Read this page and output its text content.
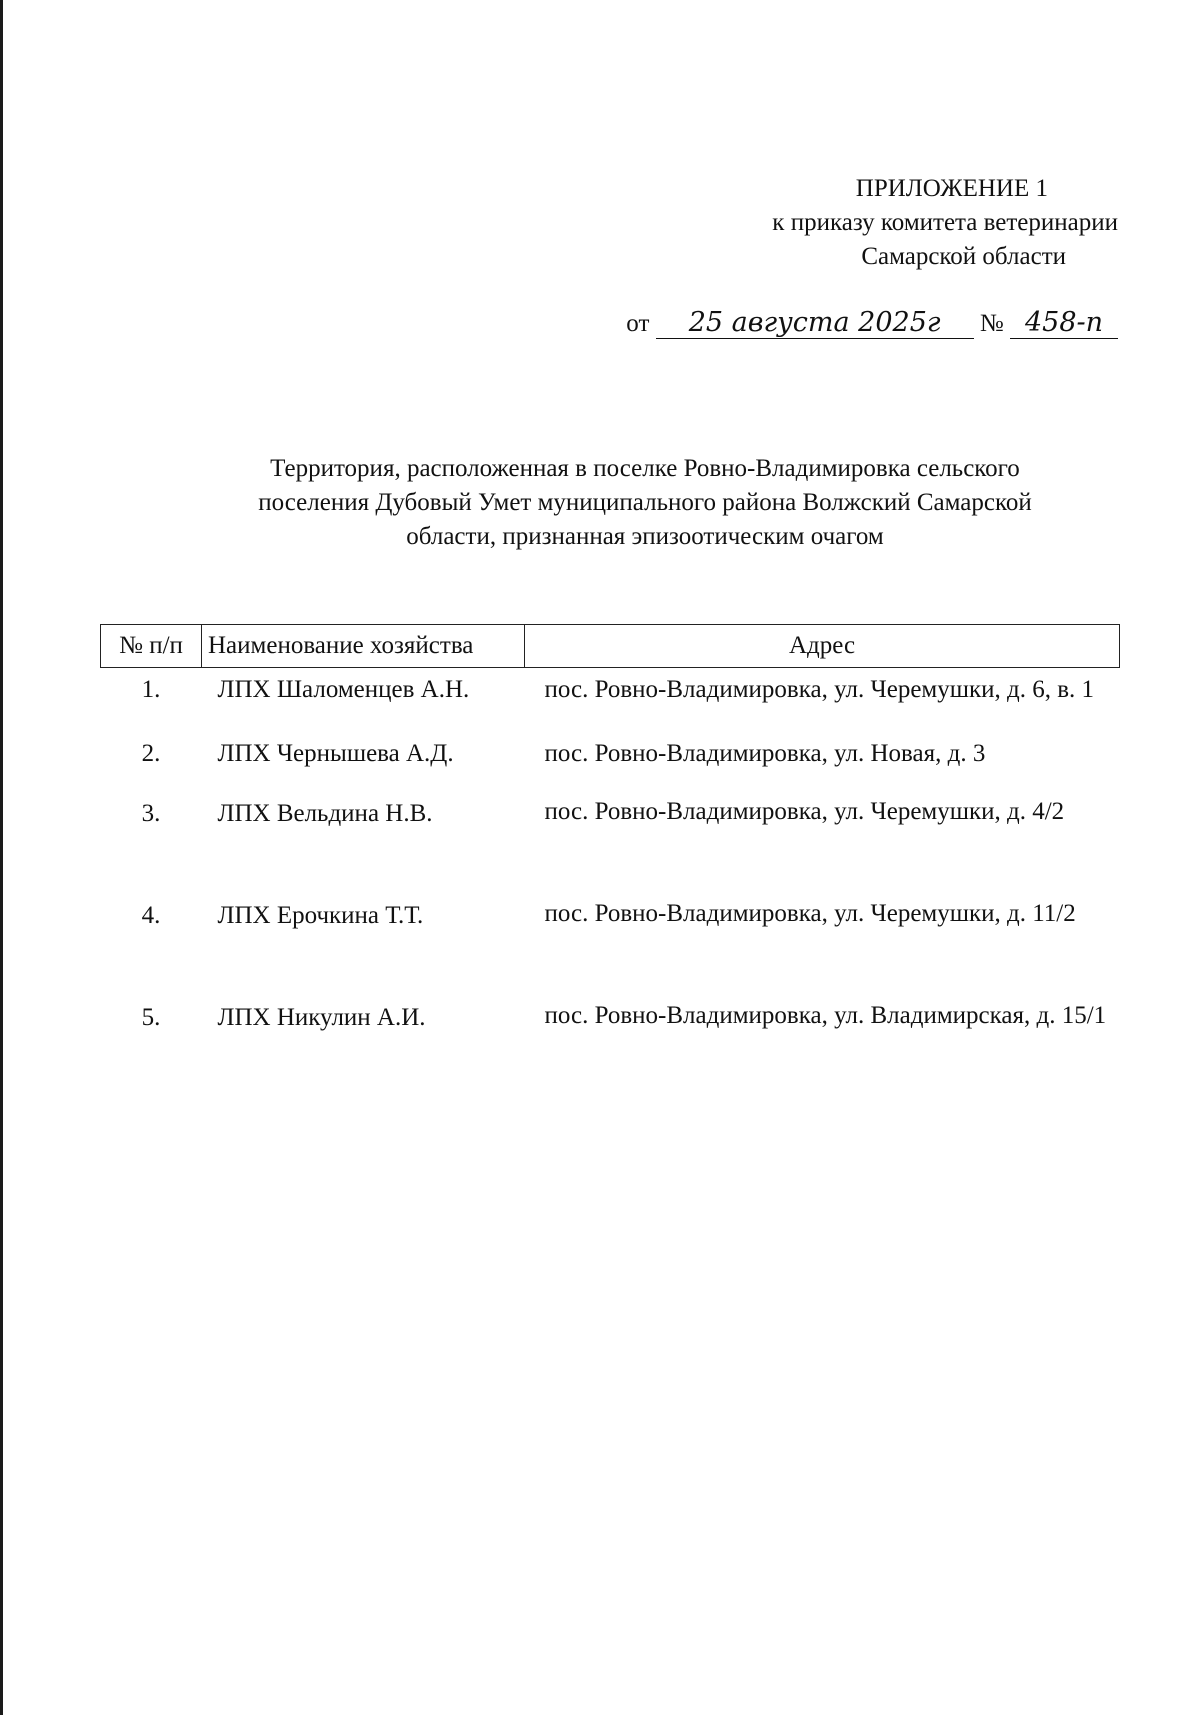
ПРИЛОЖЕНИЕ 1
к приказу комитета ветеринарии
Самарской области
от 25 августа 2025г № 458-п
Территория, расположенная в поселке Ровно-Владимировка сельского
поселения Дубовый Умет муниципального района Волжский Самарской
области, признанная эпизоотическим очагом
№ п/п	Наименование хозяйства	Адрес
1.	ЛПХ Шаломенцев А.Н.	пос. Ровно-Владимировка, ул. Черемушки, д. 6, в. 1
2.	ЛПХ Чернышева А.Д.	пос. Ровно-Владимировка, ул. Новая, д. 3
3.	ЛПХ Вельдина Н.В.	пос. Ровно-Владимировка, ул. Черемушки, д. 4/2
4.	ЛПХ Ерочкина Т.Т.	пос. Ровно-Владимировка, ул. Черемушки, д. 11/2
5.	ЛПХ Никулин А.И.	пос. Ровно-Владимировка, ул. Владимирская, д. 15/1
